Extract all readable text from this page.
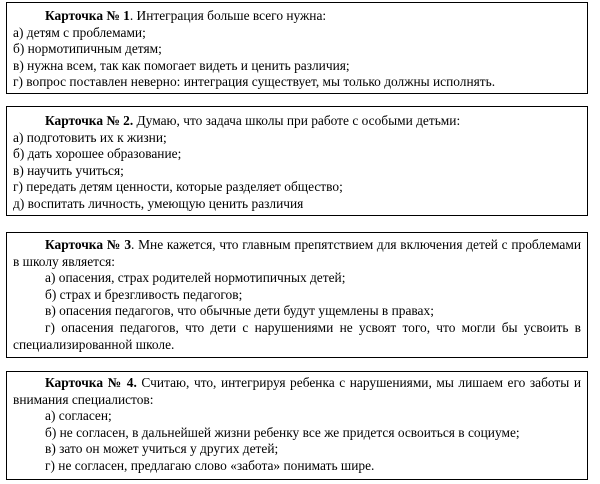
Карточка № 1. Интеграция больше всего нужна:

а) детям с проблемами;

б) нормотипичным детям;

в) нужна всем, так как помогает видеть и ценить различия;

г) вопрос поставлен неверно: интеграция существует, мы только должны исполнять.

Карточка № 2. Думаю, что задача школы при работе с особыми детьми:

а) подготовить их к жизни;

б) дать хорошее образование;

в) научить учиться;

г) передать детям ценности, которые разделяет общество;

д) воспитать личность, умеющую ценить различия

Карточка № 3. Мне кажется, что главным препятствием для включения детей с проблемами в школу является:

а) опасения, страх родителей нормотипичных детей;

б) страх и брезгливость педагогов;

в) опасения педагогов, что обычные дети будут ущемлены в правах;

г) опасения педагогов, что дети с нарушениями не усвоят того, что могли бы усвоить в специализированной школе.

Карточка № 4. Считаю, что, интегрируя ребенка с нарушениями, мы лишаем его заботы и внимания специалистов:

а) согласен;

б) не согласен, в дальнейшей жизни ребенку все же придется освоиться в социуме;

в) зато он может учиться у других детей;

г) не согласен, предлагаю слово «забота» понимать шире.
